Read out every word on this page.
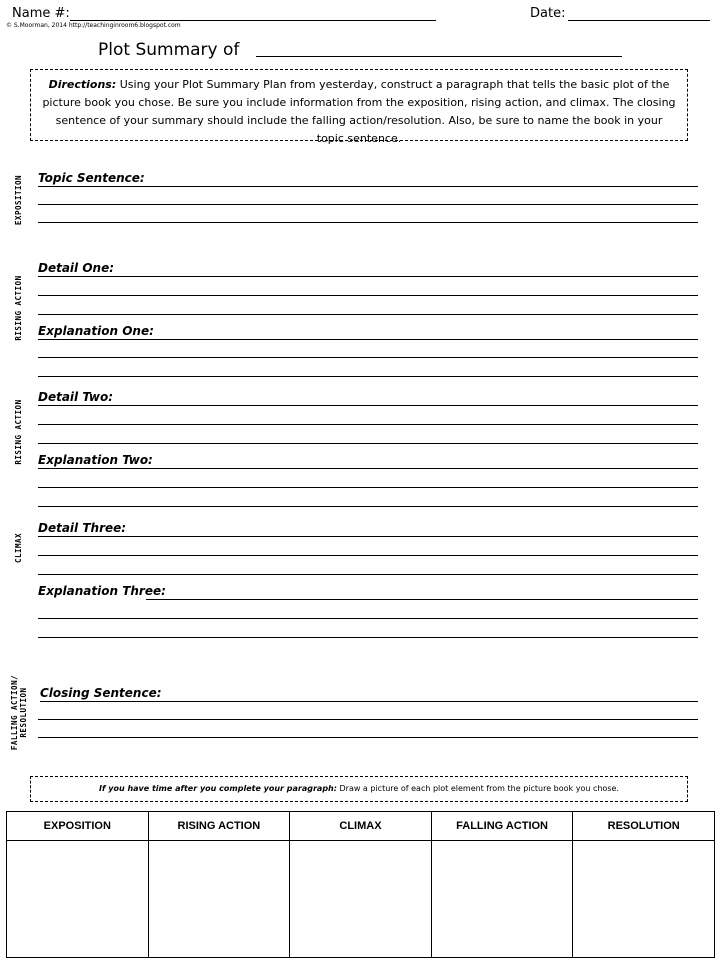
Name #:	Date:
© S.Moorman, 2014 http://teachinginroom6.blogspot.com
Plot Summary of
Directions: Using your Plot Summary Plan from yesterday, construct a paragraph that tells the basic plot of the picture book you chose. Be sure you include information from the exposition, rising action, and climax. The closing sentence of your summary should include the falling action/resolution. Also, be sure to name the book in your topic sentence.
EXPOSITION
RISING ACTION
RISING ACTION
CLIMAX
FALLING ACTION/ RESOLUTION
Topic Sentence:
Detail One:
Explanation One:
Detail Two:
Explanation Two:
Detail Three:
Explanation Three:
Closing Sentence:
If you have time after you complete your paragraph: Draw a picture of each plot element from the picture book you chose.
EXPOSITION	RISING ACTION	CLIMAX	FALLING ACTION	RESOLUTION
